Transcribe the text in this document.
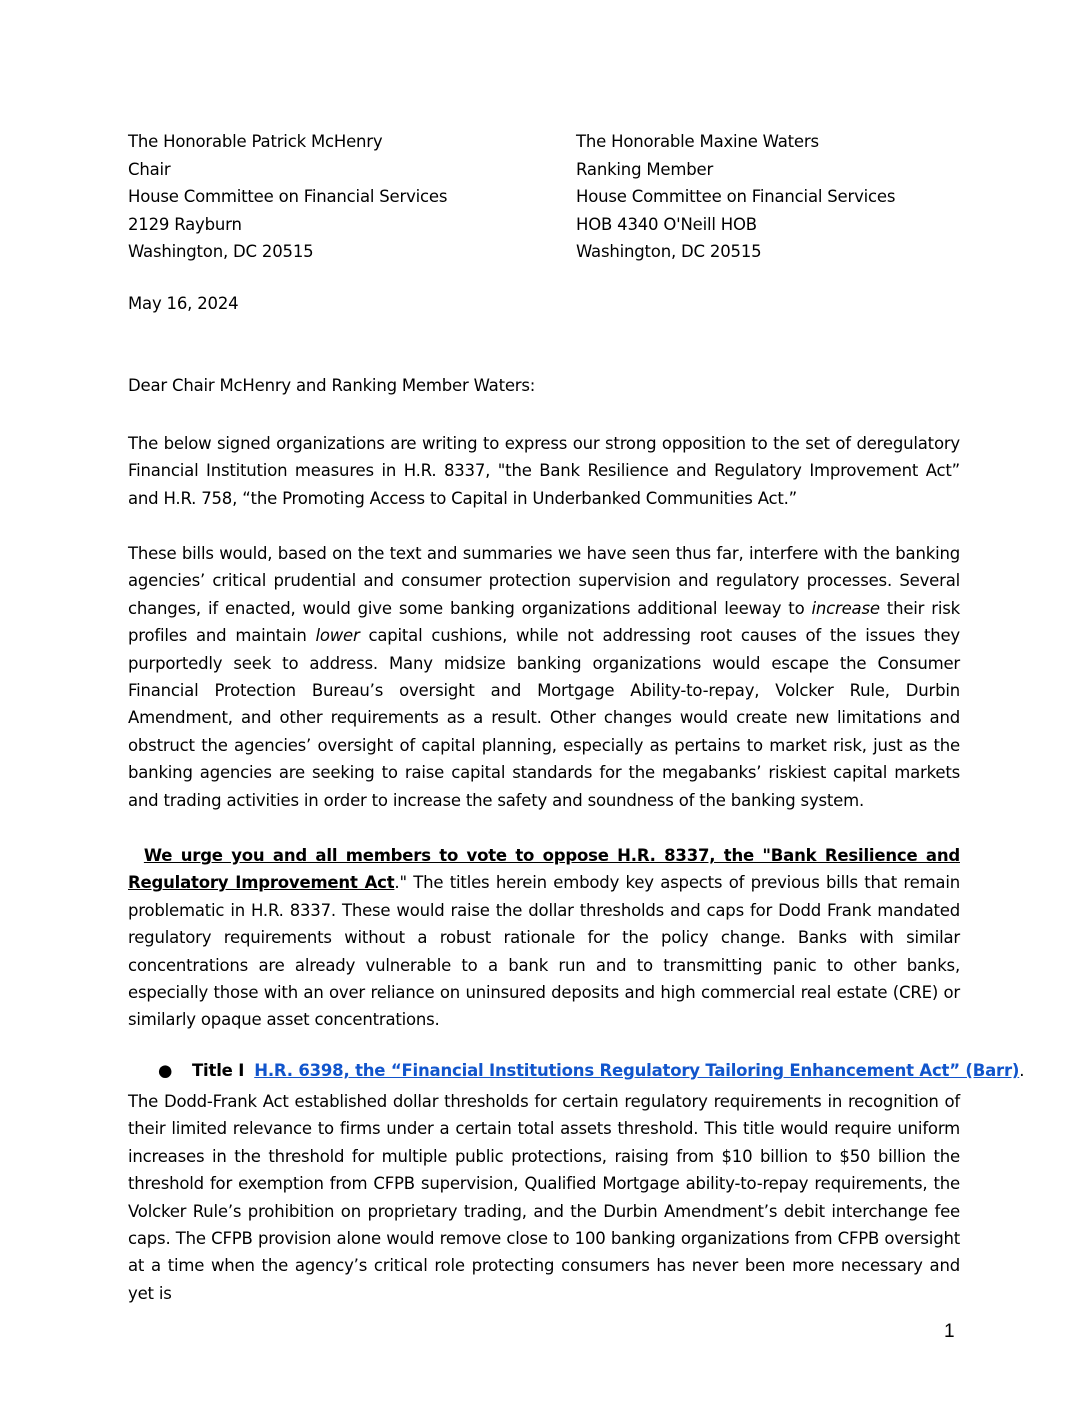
The Honorable Patrick McHenry
Chair
House Committee on Financial Services
2129 Rayburn
Washington, DC 20515
The Honorable Maxine Waters
Ranking Member
House Committee on Financial Services
HOB 4340 O'Neill HOB
Washington, DC 20515
May 16, 2024
Dear Chair McHenry and Ranking Member Waters:

The below signed organizations are writing to express our strong opposition to the set of deregulatory Financial Institution measures in H.R. 8337, "the Bank Resilience and Regulatory Improvement Act” and H.R. 758, “the Promoting Access to Capital in Underbanked Communities Act.”

These bills would, based on the text and summaries we have seen thus far, interfere with the banking agencies’ critical prudential and consumer protection supervision and regulatory processes. Several changes, if enacted, would give some banking organizations additional leeway to increase their risk profiles and maintain lower capital cushions, while not addressing root causes of the issues they purportedly seek to address. Many midsize banking organizations would escape the Consumer Financial Protection Bureau’s oversight and Mortgage Ability-to-repay, Volcker Rule, Durbin Amendment, and other requirements as a result. Other changes would create new limitations and obstruct the agencies’ oversight of capital planning, especially as pertains to market risk, just as the banking agencies are seeking to raise capital standards for the megabanks’ riskiest capital markets and trading activities in order to increase the safety and soundness of the banking system.

We urge you and all members to vote to oppose H.R. 8337, the "Bank Resilience and Regulatory Improvement Act." The titles herein embody key aspects of previous bills that remain problematic in H.R. 8337. These would raise the dollar thresholds and caps for Dodd Frank mandated regulatory requirements without a robust rationale for the policy change. Banks with similar concentrations are already vulnerable to a bank run and to transmitting panic to other banks, especially those with an over reliance on uninsured deposits and high commercial real estate (CRE) or similarly opaque asset concentrations.

● Title I H.R. 6398, the “Financial Institutions Regulatory Tailoring Enhancement Act” (Barr).

The Dodd-Frank Act established dollar thresholds for certain regulatory requirements in recognition of their limited relevance to firms under a certain total assets threshold. This title would require uniform increases in the threshold for multiple public protections, raising from $10 billion to $50 billion the threshold for exemption from CFPB supervision, Qualified Mortgage ability-to-repay requirements, the Volcker Rule’s prohibition on proprietary trading, and the Durbin Amendment’s debit interchange fee caps. The CFPB provision alone would remove close to 100 banking organizations from CFPB oversight at a time when the agency’s critical role protecting consumers has never been more necessary and yet is

1
